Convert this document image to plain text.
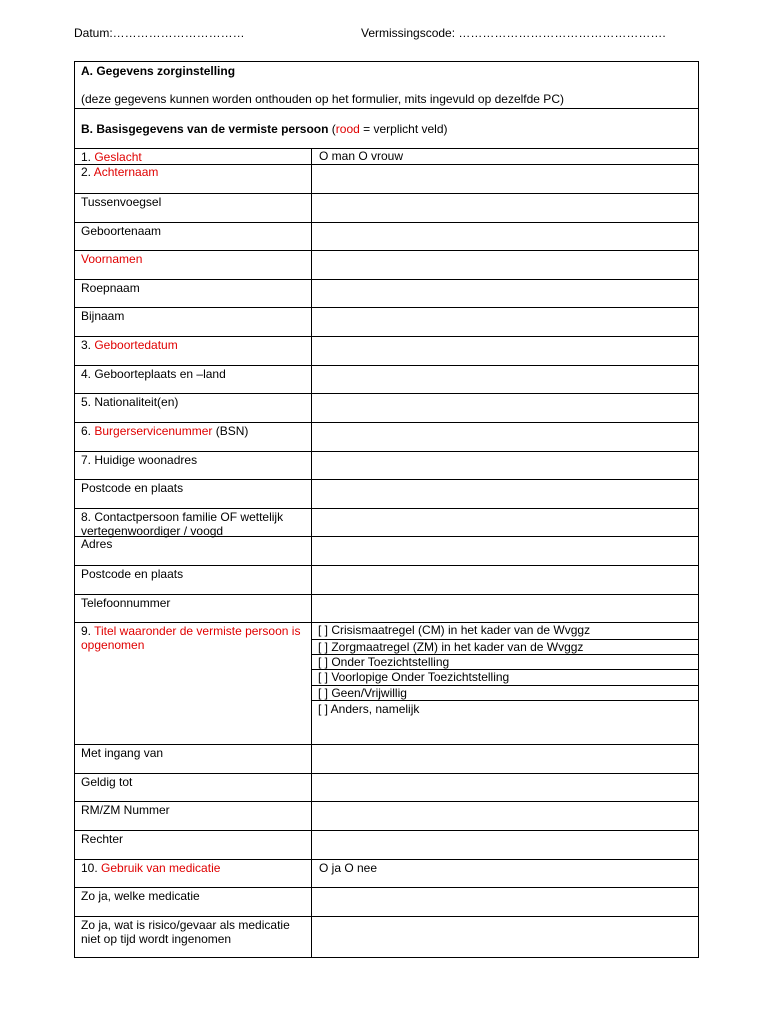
Datum:……………………………	Vermissingscode: …………………………………………….
A. Gegevens zorginstelling
(deze gegevens kunnen worden onthouden op het formulier, mits ingevuld op dezelfde PC)
B. Basisgegevens van de vermiste persoon (rood = verplicht veld)
1. Geslacht	O man O vrouw
2. Achternaam
Tussenvoegsel
Geboortenaam
Voornamen
Roepnaam
Bijnaam
3. Geboortedatum
4. Geboorteplaats en –land
5. Nationaliteit(en)
6. Burgerservicenummer (BSN)
7. Huidige woonadres
Postcode en plaats
8. Contactpersoon familie OF wettelijk vertegenwoordiger / voogd
Adres
Postcode en plaats
Telefoonnummer
9. Titel waaronder de vermiste persoon is opgenomen
[ ] Crisismaatregel (CM) in het kader van de Wvggz
[ ] Zorgmaatregel (ZM) in het kader van de Wvggz
[ ] Onder Toezichtstelling
[ ] Voorlopige Onder Toezichtstelling
[ ] Geen/Vrijwillig
[ ] Anders, namelijk
Met ingang van
Geldig tot
RM/ZM Nummer
Rechter
10. Gebruik van medicatie	O ja O nee
Zo ja, welke medicatie
Zo ja, wat is risico/gevaar als medicatie niet op tijd wordt ingenomen
